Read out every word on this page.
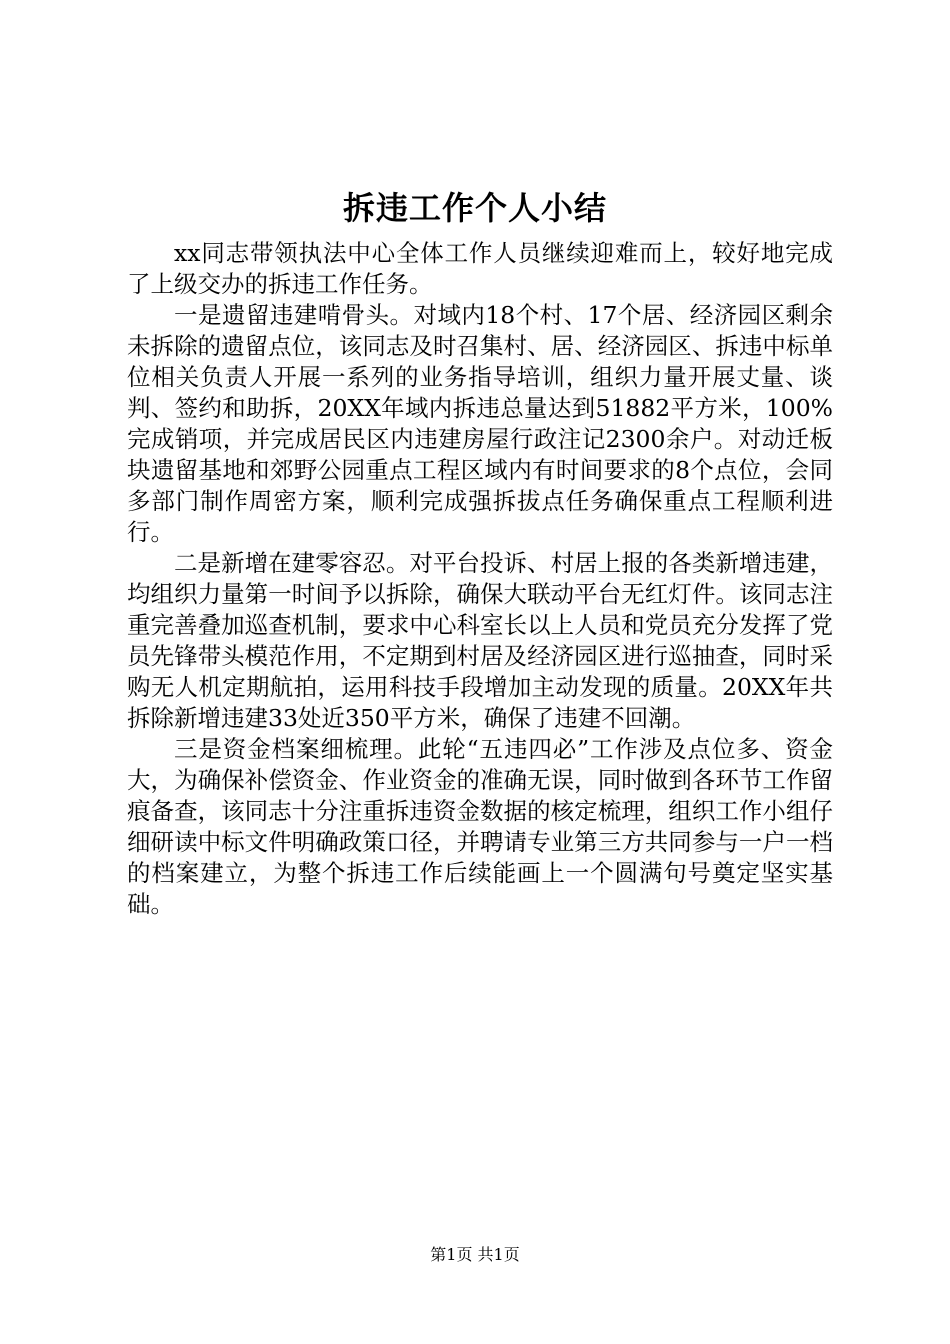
拆违工作个人小结

xx同志带领执法中心全体工作人员继续迎难而上，较好地完成了上级交办的拆违工作任务。

一是遗留违建啃骨头。对域内18个村、17个居、经济园区剩余未拆除的遗留点位，该同志及时召集村、居、经济园区、拆违中标单位相关负责人开展一系列的业务指导培训，组织力量开展丈量、谈判、签约和助拆，20XX年域内拆违总量达到51882平方米，100%完成销项，并完成居民区内违建房屋行政注记2300余户。对动迁板块遗留基地和郊野公园重点工程区域内有时间要求的8个点位，会同多部门制作周密方案，顺利完成强拆拔点任务确保重点工程顺利进行。

二是新增在建零容忍。对平台投诉、村居上报的各类新增违建，均组织力量第一时间予以拆除，确保大联动平台无红灯件。该同志注重完善叠加巡查机制，要求中心科室长以上人员和党员充分发挥了党员先锋带头模范作用，不定期到村居及经济园区进行巡抽查，同时采购无人机定期航拍，运用科技手段增加主动发现的质量。20XX年共拆除新增违建33处近350平方米，确保了违建不回潮。

三是资金档案细梳理。此轮“五违四必”工作涉及点位多、资金大，为确保补偿资金、作业资金的准确无误，同时做到各环节工作留痕备查，该同志十分注重拆违资金数据的核定梳理，组织工作小组仔细研读中标文件明确政策口径，并聘请专业第三方共同参与一户一档的档案建立，为整个拆违工作后续能画上一个圆满句号奠定坚实基础。

第1页 共1页
